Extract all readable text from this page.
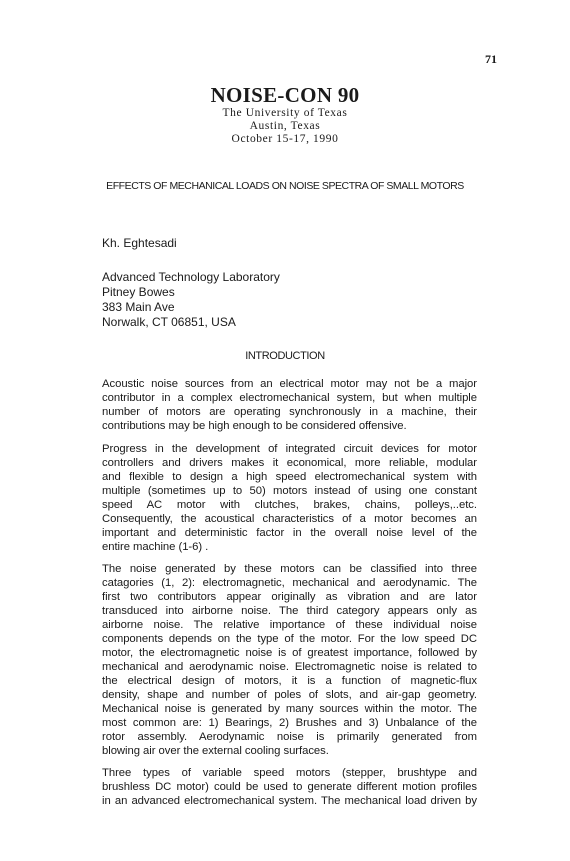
71
NOISE-CON 90
The University of Texas
Austin, Texas
October 15-17, 1990
EFFECTS OF MECHANICAL LOADS ON NOISE SPECTRA OF SMALL MOTORS
Kh. Eghtesadi
Advanced Technology Laboratory
Pitney Bowes
383 Main Ave
Norwalk, CT 06851, USA
INTRODUCTION
Acoustic noise sources from an electrical motor may not be a major
contributor in a complex electromechanical system, but when multiple
number of motors are operating synchronously in a machine, their
contributions may be high enough to be considered offensive.
Progress in the development of integrated circuit devices for motor
controllers and drivers makes it economical, more reliable, modular
and flexible to design a high speed electromechanical system with
multiple (sometimes up to 50) motors instead of using one constant
speed AC motor with clutches, brakes, chains, polleys,..etc.
Consequently, the acoustical characteristics of a motor becomes an
important and deterministic factor in the overall noise level of the
entire machine (1-6) .
The noise generated by these motors can be classified into three
catagories (1, 2): electromagnetic, mechanical and aerodynamic. The
first two contributors appear originally as vibration and are lator
transduced into airborne noise. The third category appears only as
airborne noise. The relative importance of these individual noise
components depends on the type of the motor. For the low speed DC
motor, the electromagnetic noise is of greatest importance, followed by
mechanical and aerodynamic noise. Electromagnetic noise is related to
the electrical design of motors, it is a function of magnetic-flux
density, shape and number of poles of slots, and air-gap geometry.
Mechanical noise is generated by many sources within the motor. The
most common are: 1) Bearings, 2) Brushes and 3) Unbalance of the
rotor assembly. Aerodynamic noise is primarily generated from
blowing air over the external cooling surfaces.
Three types of variable speed motors (stepper, brushtype and
brushless DC motor) could be used to generate different motion profiles
in an advanced electromechanical system. The mechanical load driven by
